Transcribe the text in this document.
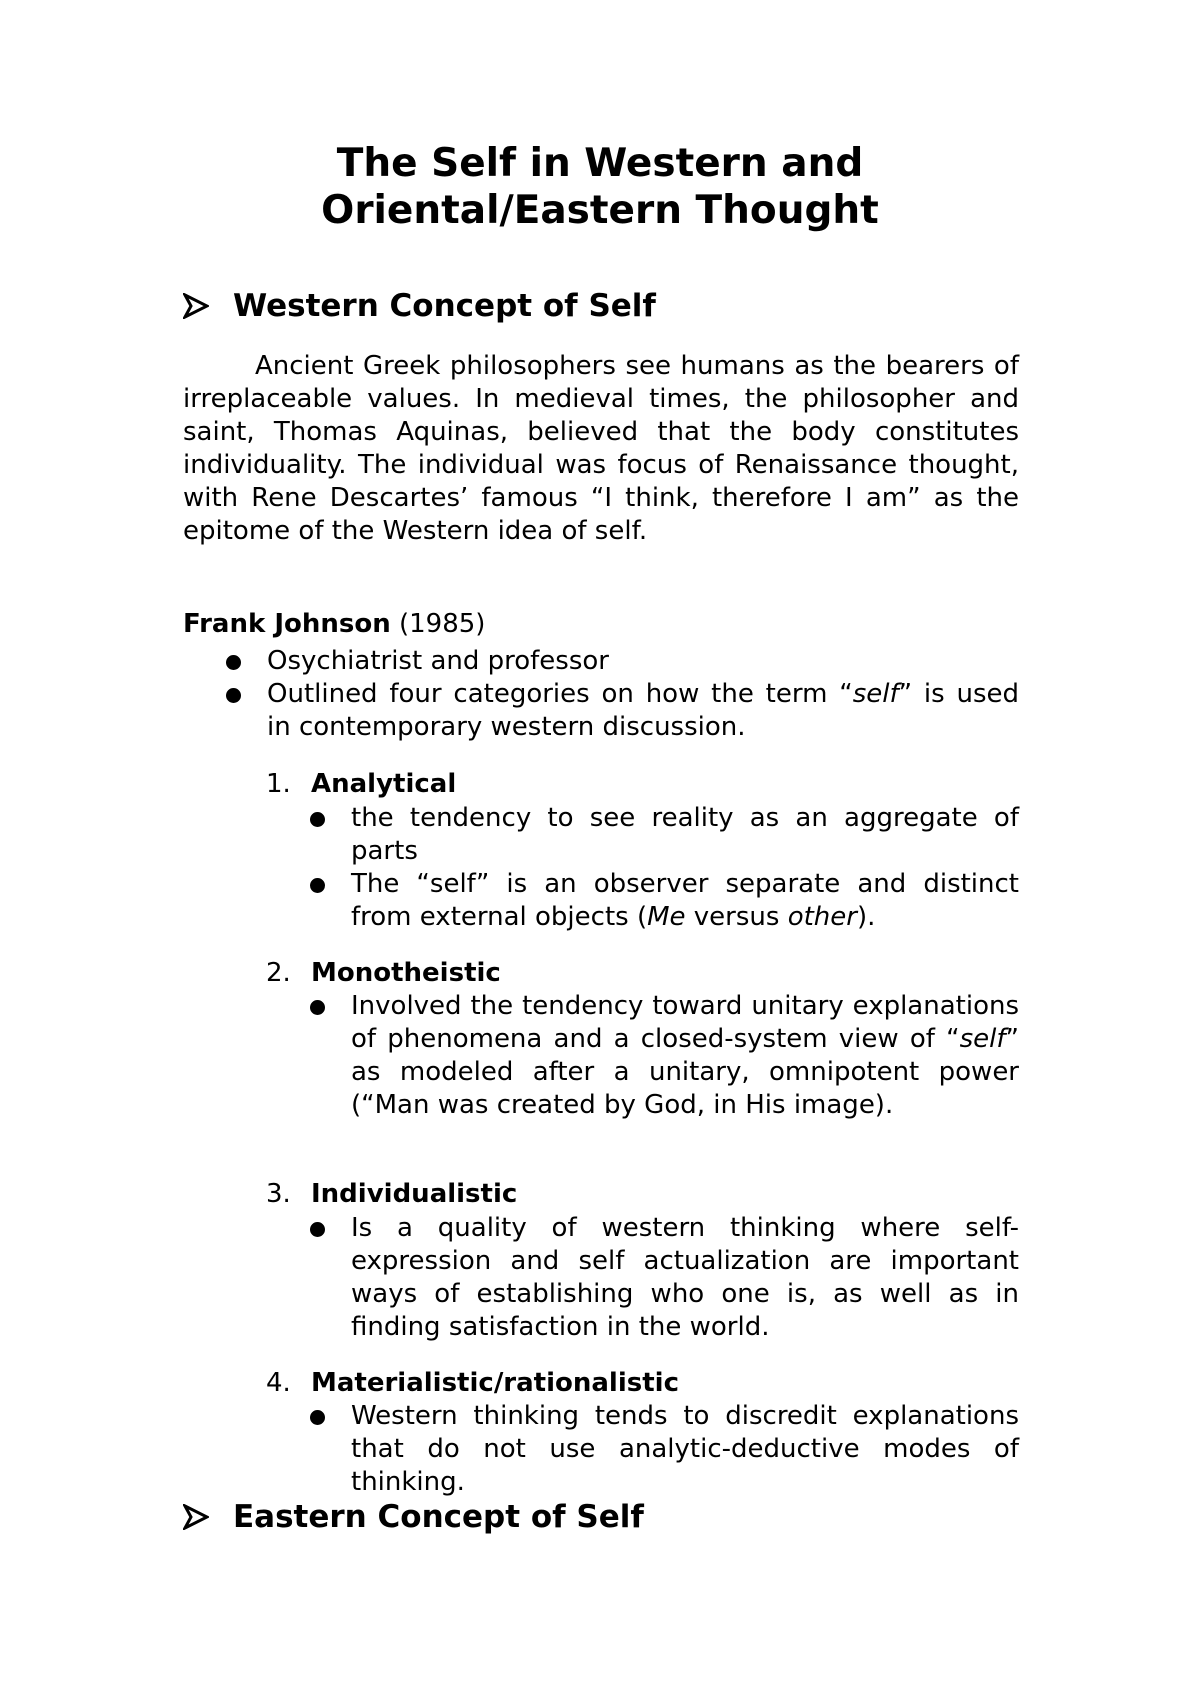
The Self in Western and
Oriental/Eastern Thought
Western Concept of Self

Ancient Greek philosophers see humans as the bearers of irreplaceable values. In medieval times, the philosopher and saint, Thomas Aquinas, believed that the body constitutes individuality. The individual was focus of Renaissance thought, with Rene Descartes’ famous “I think, therefore I am” as the epitome of the Western idea of self.

Frank Johnson (1985)

Osychiatrist and professor
Outlined four categories on how the term “self” is used in contemporary western discussion.

1. Analytical

the tendency to see reality as an aggregate of parts
The “self” is an observer separate and distinct from external objects (Me versus other).

2. Monotheistic

Involved the tendency toward unitary explanations of phenomena and a closed-system view of “self” as modeled after a unitary, omnipotent power (“Man was created by God, in His image).

3. Individualistic

Is a quality of western thinking where self-expression and self actualization are important ways of establishing who one is, as well as in finding satisfaction in the world.

4. Materialistic/rationalistic

Western thinking tends to discredit explanations that do not use analytic-deductive modes of thinking.
Eastern Concept of Self
